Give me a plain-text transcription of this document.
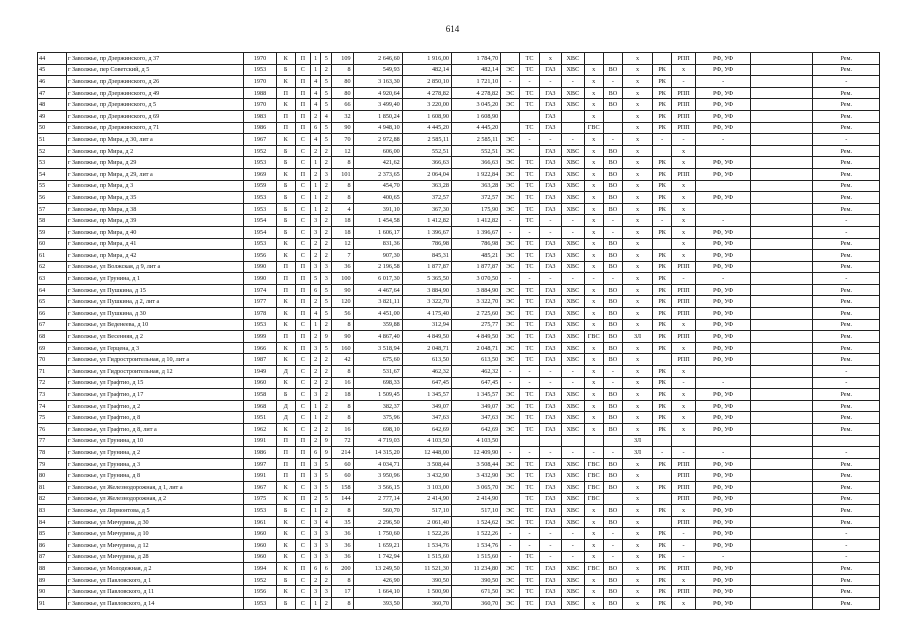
614
44	г Заволжье, пр Дзержинского, д 37	1970	К	П	1	5	109	2 646,60	1 916,00	1 784,70		ТС	х	ХВС			х		РПП	РФ, УФ		Рем.
45	г Заволжье, пер Советский, д 5	1953	Б	С	1	2	8	549,93	482,14	482,14	ЭС	ТС	ГАЗ	ХВС	х	ВО	х	РК	х	РФ, УФ		Рем.
46	г Заволжье, пр Дзержинского, д 26	1970	К	П	4	5	80	3 163,30	2 850,10	1 721,10	-	-	-	-	х	-	х	РК	-	-		-
47	г Заволжье, пр Дзержинского, д 49	1988	П	П	4	5	80	4 920,64	4 278,82	4 278,82	ЭС	ТС	ГАЗ	ХВС	х	ВО	х	РК	РПП	РФ, УФ		Рем.
48	г Заволжье, пр Дзержинского, д 5	1970	К	П	4	5	66	3 499,40	3 220,00	3 045,20	ЭС	ТС	ГАЗ	ХВС	х	ВО	х	РК	РПП	РФ, УФ		Рем.
49	г Заволжье, пр Дзержинского, д 69	1983	П	П	2	4	32	1 850,24	1 608,90	1 608,90			ГАЗ		х		х	РК	РПП	РФ, УФ		Рем.
50	г Заволжье, пр Дзержинского, д 71	1986	П	П	6	5	90	4 948,10	4 445,20	4 445,20		ТС	ГАЗ		ГВС		х	РК	РПП	РФ, УФ		Рем.
51	г Заволжье, пр Мира, д 30, лит а	1967	К	С	4	5	70	2 972,88	2 585,11	2 585,11	ЭС	-	-	-	х	-	х	-	-	-		-
52	г Заволжье, пр Мира, д 2	1952	Б	С	2	2	12	606,00	552,51	552,51	ЭС		ГАЗ	ХВС	х	ВО	х		х			Рем.
53	г Заволжье, пр Мира, д 29	1953	Б	С	1	2	8	421,62	366,63	366,63	ЭС	ТС	ГАЗ	ХВС	х	ВО	х	РК	х	РФ, УФ		Рем.
54	г Заволжье, пр Мира, д 29, лит а	1969	К	П	2	3	101	2 373,65	2 064,04	1 922,84	ЭС	ТС	ГАЗ	ХВС	х	ВО	х	РК	РПП	РФ, УФ		Рем.
55	г Заволжье, пр Мира, д 3	1959	Б	С	1	2	8	454,70	363,28	363,28	ЭС	ТС	ГАЗ	ХВС	х	ВО	х	РК	х			Рем.
56	г Заволжье, пр Мира, д 35	1953	Б	С	1	2	8	400,65	372,57	372,57	ЭС	ТС	ГАЗ	ХВС	х	ВО	х	РК	х	РФ, УФ		Рем.
57	г Заволжье, пр Мира, д 38	1953	Б	С	1	2	4	391,10	367,30	175,90	ЭС	ТС	ГАЗ	ХВС	х	ВО	х	РК	х			Рем.
58	г Заволжье, пр Мира, д 39	1954	Б	С	3	2	18	1 454,58	1 412,82	1 412,82	-	ТС	-	-	х	-	х	-	х	-		-
59	г Заволжье, пр Мира, д 40	1954	Б	С	3	2	18	1 606,17	1 396,67	1 396,67	-	-	-	-	х	-	х	РК	х	РФ, УФ		-
60	г Заволжье, пр Мира, д 41	1953	К	С	2	2	12	831,36	786,98	786,98	ЭС	ТС	ГАЗ	ХВС	х	ВО	х		х	РФ, УФ		Рем.
61	г Заволжье, пр Мира, д 42	1956	К	С	2	2	7	907,30	845,31	485,21	ЭС	ТС	ГАЗ	ХВС	х	ВО	х	РК	х	РФ, УФ		Рем.
62	г Заволжье, ул Волжская, д 9, лит а	1990	П	П	3	3	36	2 196,58	1 877,87	1 877,87	ЭС	ТС	ГАЗ	ХВС	х	ВО	х	РК	РПП	РФ, УФ		Рем.
63	г Заволжье, ул Грунина, д 1	1990	П	П	5	3	100	6 017,30	5 365,50	3 070,50	-	-	-	-	-	-	х	РК	-	-		-
64	г Заволжье, ул Пушкина, д 15	1974	П	П	6	5	90	4 467,64	3 884,90	3 884,90	ЭС	ТС	ГАЗ	ХВС	х	ВО	х	РК	РПП	РФ, УФ		Рем.
65	г Заволжье, ул Пушкина, д 2, лит а	1977	К	П	2	5	120	3 821,11	3 322,70	3 322,70	ЭС	ТС	ГАЗ	ХВС	х	ВО	х	РК	РПП	РФ, УФ		Рем.
66	г Заволжье, ул Пушкина, д 30	1978	К	П	4	5	56	4 451,00	4 175,40	2 725,60	ЭС	ТС	ГАЗ	ХВС	х	ВО	х	РК	РПП	РФ, УФ		Рем.
67	г Заволжье, ул Веденеева, д 10	1953	К	С	1	2	8	359,88	312,94	275,77	ЭС	ТС	ГАЗ	ХВС	х	ВО	х	РК	х	РФ, УФ		Рем.
68	г Заволжье, ул Весенняя, д 2	1999	П	П	2	9	90	4 867,40	4 849,50	4 849,50	ЭС	ТС	ГАЗ	ХВС	ГВС	ВО	ЗЛ	РК	РПП	РФ, УФ		Рем.
69	г Заволжье, ул Герцена, д 3	1966	К	П	3	5	160	3 518,94	2 048,71	2 048,71	ЭС	ТС	ГАЗ	ХВС	х	ВО	х	РК	х	РФ, УФ		Рем.
70	г Заволжье, ул Гидростроительная, д 10, лит а	1987	К	С	2	2	42	675,60	613,50	613,50	ЭС	ТС	ГАЗ	ХВС	х	ВО	х		РПП	РФ, УФ		Рем.
71	г Заволжье, ул Гидростроительная, д 12	1949	Д	С	2	2	8	531,67	462,32	462,32	-	-	-	-	х	-	х	РК	х			-
72	г Заволжье, ул Графтио, д 15	1960	К	С	2	2	16	698,33	647,45	647,45	-	-	-	-	х	-	х	РК	-	-		-
73	г Заволжье, ул Графтио, д 17	1958	Б	С	3	2	18	1 509,45	1 345,57	1 345,57	ЭС	ТС	ГАЗ	ХВС	х	ВО	х	РК	х	РФ, УФ		Рем.
74	г Заволжье, ул Графтио, д 2	1968	Д	С	1	2	8	382,37	349,07	349,07	ЭС	ТС	ГАЗ	ХВС	х	ВО	х	РК	х	РФ, УФ		Рем.
75	г Заволжье, ул Графтио, д 8	1951	Д	С	1	2	8	375,96	347,63	347,63	ЭС	ТС	ГАЗ	ХВС	х	ВО	х	РК	х	РФ, УФ		Рем.
76	г Заволжье, ул Графтио, д 8, лит а	1962	К	С	2	2	16	698,10	642,69	642,69	ЭС	ТС	ГАЗ	ХВС	х	ВО	х	РК	х	РФ, УФ		Рем.
77	г Заволжье, ул Грунина, д 10	1991	П	П	2	9	72	4 719,03	4 103,50	4 103,50							ЗЛ					
78	г Заволжье, ул Грунина, д 2	1986	П	П	6	9	214	14 315,20	12 448,00	12 409,90	-	-	-	-	-	-	ЗЛ	-	-	-		-
79	г Заволжье, ул Грунина, д 3	1997	П	П	3	5	60	4 034,71	3 508,44	3 508,44	ЭС	ТС	ГАЗ	ХВС	ГВС	ВО	х	РК	РПП	РФ, УФ		Рем.
80	г Заволжье, ул Грунина, д 8	1991	П	П	3	5	60	3 950,96	3 432,90	3 432,90	ЭС	ТС	ГАЗ	ХВС	ГВС	ВО	х		РПП	РФ, УФ		Рем.
81	г Заволжье, ул Железнодорожная, д 1, лит а	1967	К	С	3	5	158	3 566,15	3 103,00	3 065,70	ЭС	ТС	ГАЗ	ХВС	ГВС	ВО	х	РК	РПП	РФ, УФ		Рем.
82	г Заволжье, ул Железнодорожная, д 2	1975	К	П	2	5	144	2 777,14	2 414,90	2 414,90		ТС	ГАЗ	ХВС	ГВС		х		РПП	РФ, УФ		Рем.
83	г Заволжье, ул Лермонтова, д 5	1953	Б	С	1	2	8	560,70	517,10	517,10	ЭС	ТС	ГАЗ	ХВС	х	ВО	х	РК	х	РФ, УФ		Рем.
84	г Заволжье, ул Мичурина, д 30	1961	К	С	3	4	35	2 296,50	2 061,40	1 524,62	ЭС	ТС	ГАЗ	ХВС	х	ВО	х		РПП	РФ, УФ		Рем.
85	г Заволжье, ул Мичурина, д 10	1960	К	С	3	3	36	1 750,60	1 522,26	1 522,26	-	-	-	-	х	-	х	РК	-	РФ, УФ		-
86	г Заволжье, ул Мичурина, д 12	1960	К	С	3	3	36	1 659,21	1 534,76	1 534,76	-	-	-	-	х	-	х	РК	-	РФ, УФ		-
87	г Заволжье, ул Мичурина, д 28	1960	К	С	3	3	36	1 742,94	1 515,60	1 515,60	-	ТС	-	-	х	-	х	РК	-	-		-
88	г Заволжье, ул Молодежная, д 2	1994	К	П	6	6	200	13 249,50	11 521,30	11 234,80	ЭС	ТС	ГАЗ	ХВС	ГВС	ВО	х	РК	РПП	РФ, УФ		Рем.
89	г Заволжье, ул Павловского, д 1	1952	Б	С	2	2	8	426,90	390,50	390,50	ЭС	ТС	ГАЗ	ХВС	х	ВО	х	РК	х	РФ, УФ		Рем.
90	г Заволжье, ул Павловского, д 11	1956	К	С	3	3	17	1 664,10	1 500,90	671,50	ЭС	ТС	ГАЗ	ХВС	х	ВО	х	РК	РПП	РФ, УФ		Рем.
91	г Заволжье, ул Павловского, д 14	1953	Б	С	1	2	8	393,50	360,70	360,70	ЭС	ТС	ГАЗ	ХВС	х	ВО	х	РК	х	РФ, УФ		Рем.
